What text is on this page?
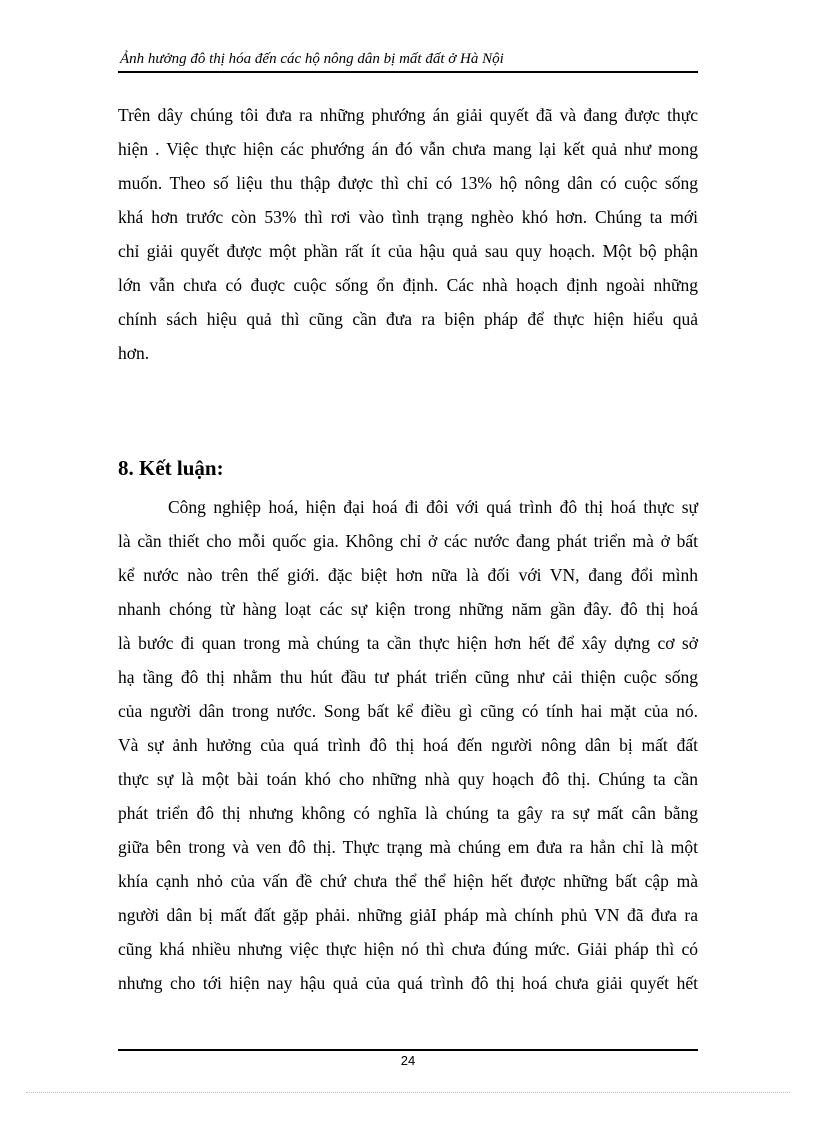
Ảnh hưởng đô thị hóa đến các hộ nông dân bị mất đất ở Hà Nội
Trên dây chúng tôi đưa ra những phướng án giải quyết đã và đang được thực
hiện . Việc thực hiện các phướng án đó vẫn chưa mang lại kết quả như mong
muốn. Theo số liệu thu thập được thì chỉ có 13% hộ nông dân có cuộc sống
khá hơn trước còn 53% thì rơi vào tình trạng nghèo khó hơn. Chúng ta mới
chỉ giải quyết được một phần rất ít của hậu quả sau quy hoạch. Một bộ phận
lớn vẫn chưa có đuợc cuộc sống ổn định. Các nhà hoạch định ngoài những
chính sách hiệu quả thì cũng cần đưa ra biện pháp để thực hiện hiểu quả
hơn.
8. Kết luận:
Công nghiệp hoá, hiện đại hoá đi đôi với quá trình đô thị hoá thực sự
là cần thiết cho mỗi quốc gia. Không chỉ ở các nước đang phát triển mà ở bất
kể nước nào trên thế giới. đặc biệt hơn nữa là đối với VN, đang đổi mình
nhanh chóng từ hàng loạt các sự kiện trong những năm gần đây. đô thị hoá
là bước đi quan trong mà chúng ta cần thực hiện hơn hết để xây dựng cơ sở
hạ tầng đô thị nhằm thu hút đầu tư phát triển cũng như cải thiện cuộc sống
của người dân trong nước. Song bất kể điều gì cũng có tính hai mặt của nó.
Và sự ảnh hưởng của quá trình đô thị hoá đến người nông dân bị mất đất
thực sự là một bài toán khó cho những nhà quy hoạch đô thị. Chúng ta cần
phát triển đô thị nhưng không có nghĩa là chúng ta gây ra sự mất cân bằng
giữa bên trong và ven đô thị. Thực trạng mà chúng em đưa ra hẳn chỉ là một
khía cạnh nhỏ của vấn đề chứ chưa thể thể hiện hết được những bất cập mà
người dân bị mất đất gặp phải. những giảI pháp mà chính phủ VN đã đưa ra
cũng khá nhiều nhưng việc thực hiện nó thì chưa đúng mức. Giải pháp thì có
nhưng cho tới hiện nay hậu quả của quá trình đô thị hoá chưa giải quyết hết
24
